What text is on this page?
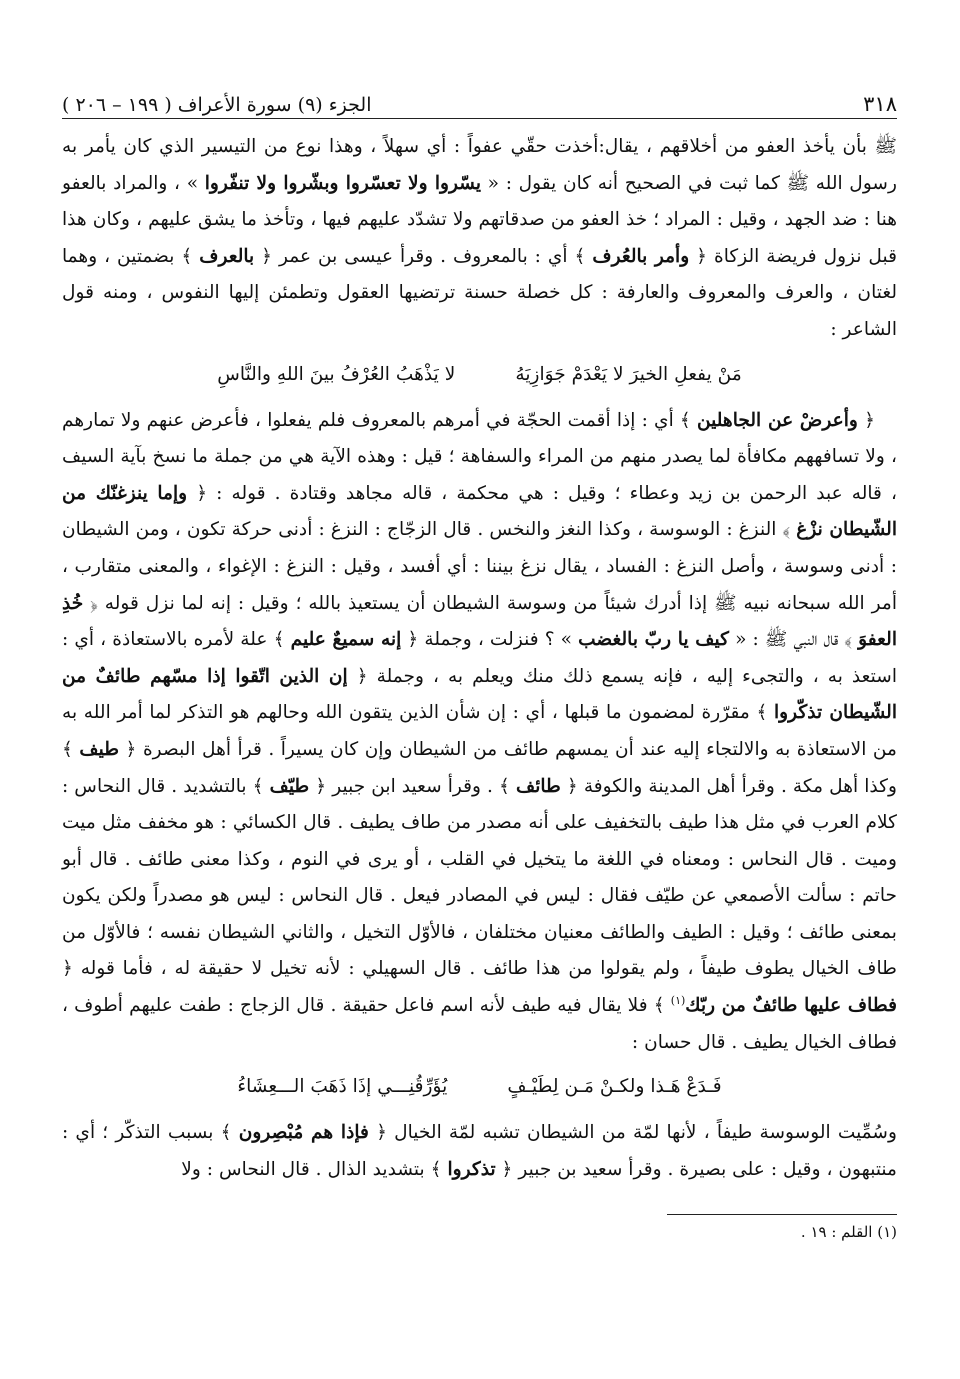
٣١٨
الجزء (٩) سورة الأعراف ( ١٩٩ – ٢٠٦ )

ﷺ بأن يأخذ العفو من أخلاقهم ، يقال:أخذت حقّي عفواً : أي سهلاً ، وهذا نوع من التيسير الذي كان يأمر به رسول الله ﷺ كما ثبت في الصحيح أنه كان يقول : « يسّروا ولا تعسّروا وبشّروا ولا تنفّروا » ، والمراد بالعفو هنا : ضد الجهد ، وقيل : المراد ؛ خذ العفو من صدقاتهم ولا تشدّد عليهم فيها ، وتأخذ ما يشق عليهم ، وكان هذا قبل نزول فريضة الزكاة ﴿ وأمر بالعُرف ﴾ أي : بالمعروف . وقرأ عيسى بن عمر ﴿ بالعرف ﴾ بضمتين ، وهما لغتان ، والعرف والمعروف والعارفة : كل خصلة حسنة ترتضيها العقول وتطمئن إليها النفوس ، ومنه قول الشاعر :

مَنْ يفعلِ الخيرَ لا يَعْدَمْ جَوَازِيَهُ
لا يَذْهَبُ العُرْفُ بينَ اللهِ والنَّاسِ

﴿ وأعرضْ عن الجاهلين ﴾ أي : إذا أقمت الحجّة في أمرهم بالمعروف فلم يفعلوا ، فأعرض عنهم ولا تمارهم ، ولا تسافههم مكافأة لما يصدر منهم من المراء والسفاهة ؛ قيل : وهذه الآية هي من جملة ما نسخ بآية السيف ، قاله عبد الرحمن بن زيد وعطاء ؛ وقيل : هي محكمة ، قاله مجاهد وقتادة . قوله : ﴿ وإما ينزغنّك من الشّيطان نزْغ ﴾ النزغ : الوسوسة ، وكذا النغز والنخس . قال الزجّاج : النزغ : أدنى حركة تكون ، ومن الشيطان : أدنى وسوسة ، وأصل النزغ : الفساد ، يقال نزغ بيننا : أي أفسد ، وقيل : النزغ : الإغواء ، والمعنى متقارب ، أمر الله سبحانه نبيه ﷺ إذا أدرك شيئاً من وسوسة الشيطان أن يستعيذ بالله ؛ وقيل : إنه لما نزل قوله ﴿ خُذِ العفوَ ﴾ قال النبي ﷺ : « كيف يا ربّ بالغضب » ؟ فنزلت ، وجملة ﴿ إنه سميعٌ عليم ﴾ علة لأمره بالاستعاذة ، أي : استعذ به ، والتجىء إليه ، فإنه يسمع ذلك منك ويعلم به ، وجملة ﴿ إن الذين اتّقوا إذا مسّهم طائفٌ من الشّيطان تذكّروا ﴾ مقرّرة لمضمون ما قبلها ، أي : إن شأن الذين يتقون الله وحالهم هو التذكر لما أمر الله به من الاستعاذة به والالتجاء إليه عند أن يمسهم طائف من الشيطان وإن كان يسيراً . قرأ أهل البصرة ﴿ طيف ﴾ وكذا أهل مكة . وقرأ أهل المدينة والكوفة ﴿ طائف ﴾ . وقرأ سعيد ابن جبير ﴿ طيّف ﴾ بالتشديد . قال النحاس : كلام العرب في مثل هذا طيف بالتخفيف على أنه مصدر من طاف يطيف . قال الكسائي : هو مخفف مثل ميت وميت . قال النحاس : ومعناه في اللغة ما يتخيل في القلب ، أو يرى في النوم ، وكذا معنى طائف . قال أبو حاتم : سألت الأصمعي عن طيّف فقال : ليس في المصادر فيعل . قال النحاس : ليس هو مصدراً ولكن يكون بمعنى طائف ؛ وقيل : الطيف والطائف معنيان مختلفان ، فالأوّل التخيل ، والثاني الشيطان نفسه ؛ فالأوّل من طاف الخيال يطوف طيفاً ، ولم يقولوا من هذا طائف . قال السهيلي : لأنه تخيل لا حقيقة له ، فأما قوله ﴿ فطاف عليها طائفٌ من ربّك$^{(١)}$ ﴾ فلا يقال فيه طيف لأنه اسم فاعل حقيقة . قال الزجاج : طفت عليهم أطوف ، فطاف الخيال يطيف . قال حسان :

فَـدَعْ هَـذا ولكـنْ مَـن لِطَيْـفٍ
يُؤَرِّقُنِـــي إذَا ذَهَبَ الـــعِشَاءُ

وسُمِّيت الوسوسة طيفاً ، لأنها لمّة من الشيطان تشبه لمّة الخيال ﴿ فإذا هم مُبْصِرون ﴾ بسبب التذكّر ؛ أي : منتبهون ، وقيل : على بصيرة . وقرأ سعيد بن جبير ﴿ تذكروا ﴾ بتشديد الذال . قال النحاس : ولا

(١) القلم : ١٩ .
